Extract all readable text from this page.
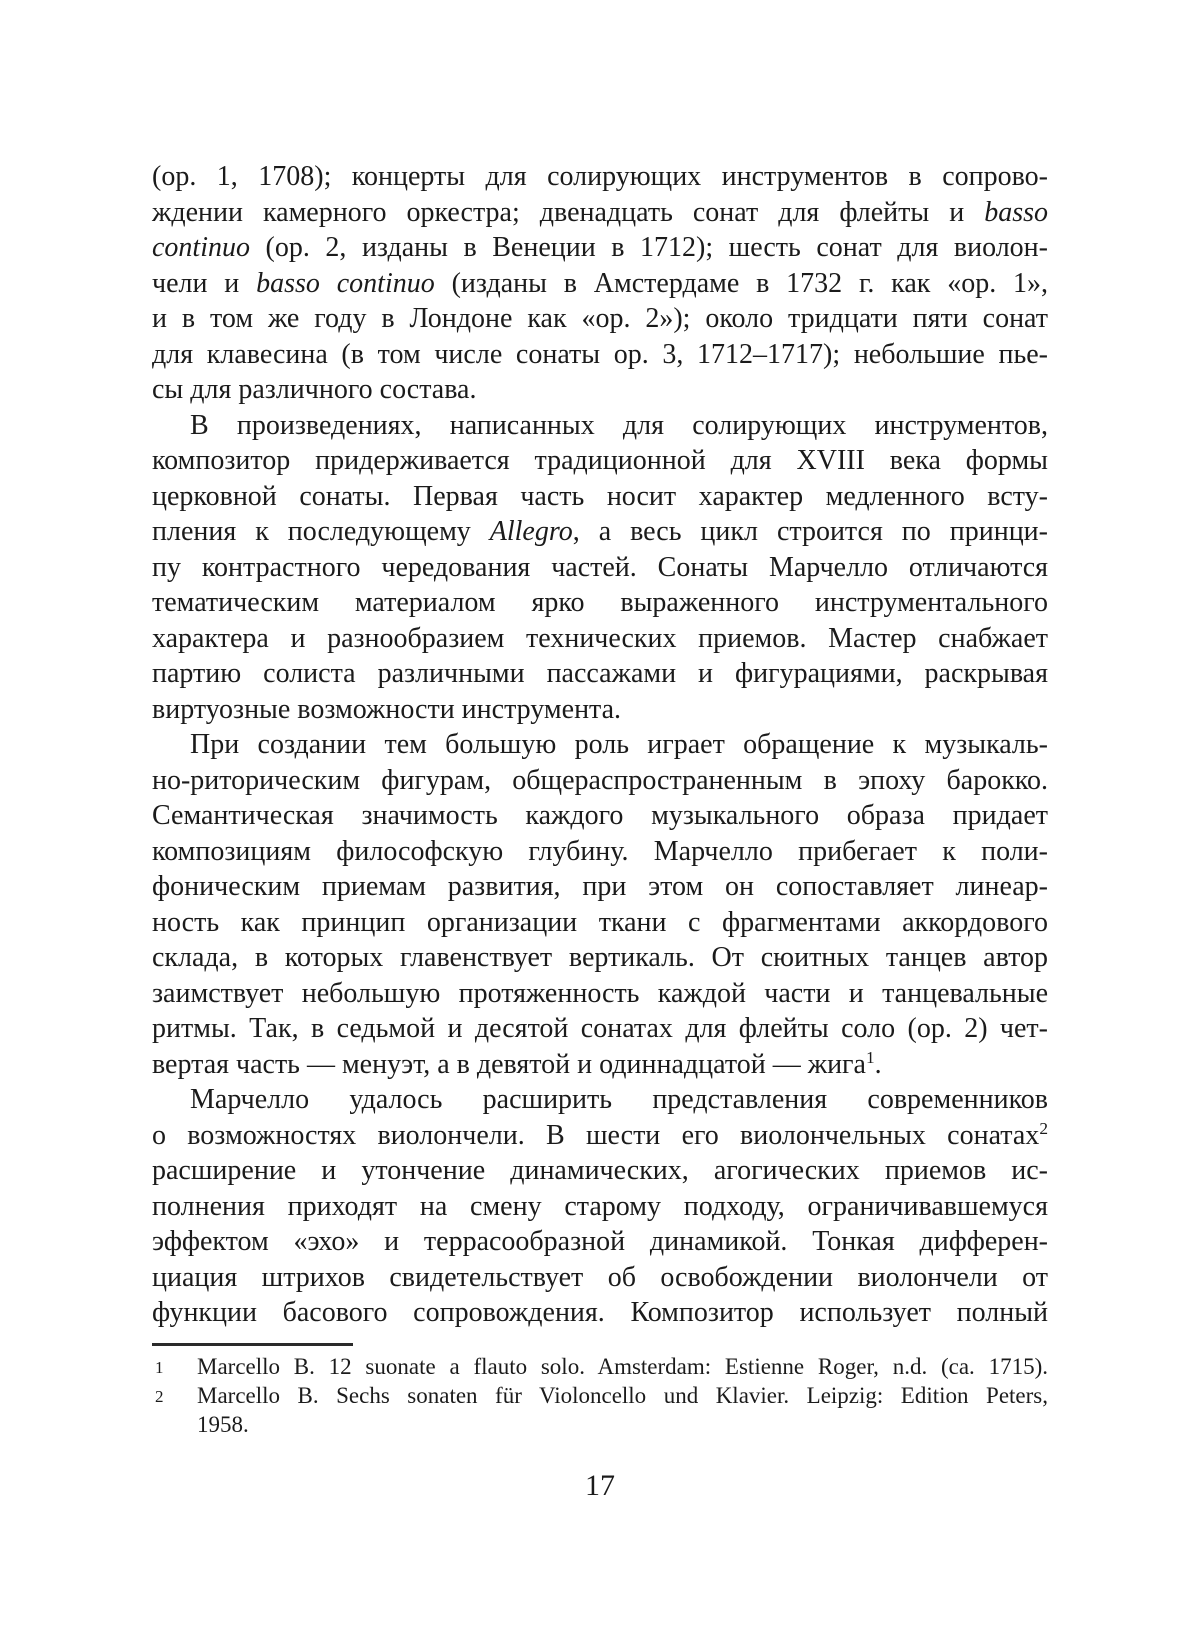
(ор. 1, 1708); концерты для солирующих инструментов в сопрово-
ждении камерного оркестра; двенадцать сонат для флейты и basso
continuo (ор. 2, изданы в Венеции в 1712); шесть сонат для виолон-
чели и basso continuo (изданы в Амстердаме в 1732 г. как «ор. 1»,
и в том же году в Лондоне как «ор. 2»); около тридцати пяти сонат
для клавесина (в том числе сонаты ор. 3, 1712–1717); небольшие пье-
сы для различного состава.
В произведениях, написанных для солирующих инструментов,
композитор придерживается традиционной для XVIII века формы
церковной сонаты. Первая часть носит характер медленного всту-
пления к последующему Allegro, а весь цикл строится по принци-
пу контрастного чередования частей. Сонаты Марчелло отличаются
тематическим материалом ярко выраженного инструментального
характера и разнообразием технических приемов. Мастер снабжает
партию солиста различными пассажами и фигурациями, раскрывая
виртуозные возможности инструмента.
При создании тем большую роль играет обращение к музыкаль-
но-риторическим фигурам, общераспространенным в эпоху барокко.
Семантическая значимость каждого музыкального образа придает
композициям философскую глубину. Марчелло прибегает к поли-
фоническим приемам развития, при этом он сопоставляет линеар-
ность как принцип организации ткани с фрагментами аккордового
склада, в которых главенствует вертикаль. От сюитных танцев автор
заимствует небольшую протяженность каждой части и танцевальные
ритмы. Так, в седьмой и десятой сонатах для флейты соло (ор. 2) чет-
вертая часть — менуэт, а в девятой и одиннадцатой — жига$^1$.
Марчелло удалось расширить представления современников
о возможностях виолончели. В шести его виолончельных сонатах$^2$
расширение и утончение динамических, агогических приемов ис-
полнения приходят на смену старому подходу, ограничивавшемуся
эффектом «эхо» и террасообразной динамикой. Тонкая дифферен-
циация штрихов свидетельствует об освобождении виолончели от
функции басового сопровождения. Композитор использует полный
1	Marcello B. 12 suonate a flauto solo. Amsterdam: Estienne Roger, n.d. (ca. 1715).
2	Marcello B. Sechs sonaten für Violoncello und Klavier. Leipzig: Edition Peters,
1958.
17
